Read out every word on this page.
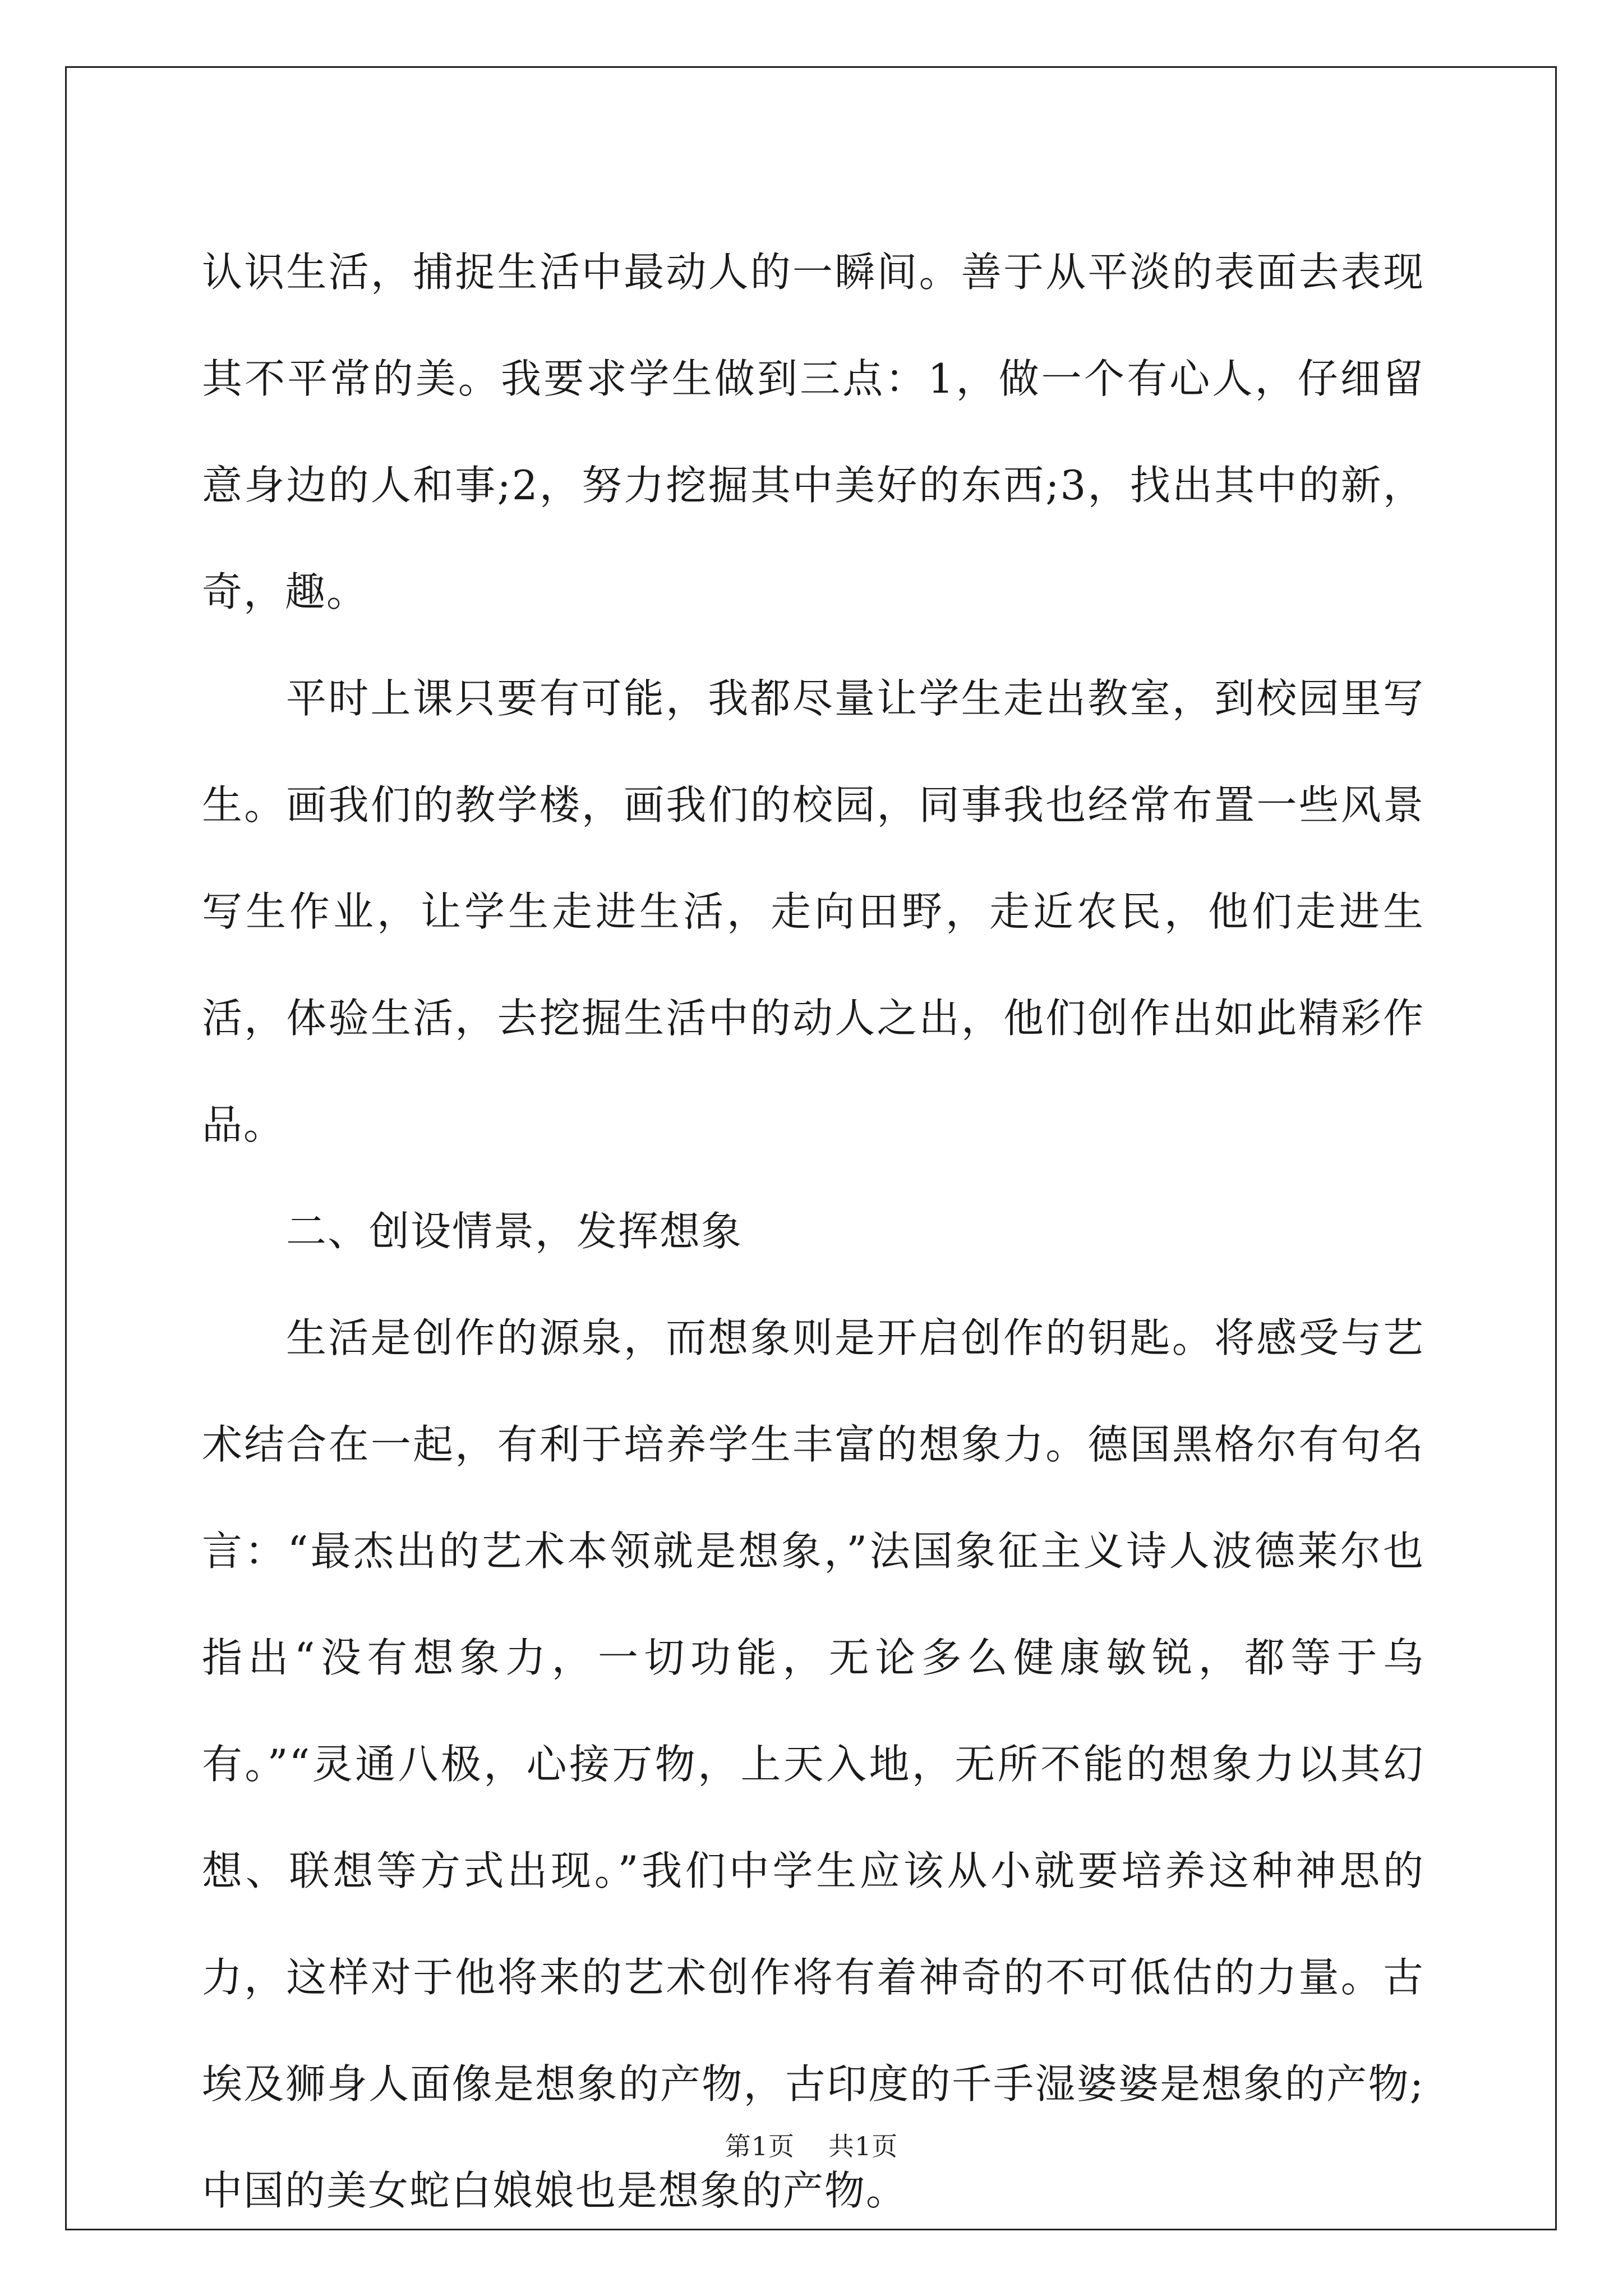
认识生活，捕捉生活中最动人的一瞬间。善于从平淡的表面去表现其不平常的美。我要求学生做到三点：1，做一个有心人，仔细留意身边的人和事;2，努力挖掘其中美好的东西;3，找出其中的新，奇，趣。

平时上课只要有可能，我都尽量让学生走出教室，到校园里写生。画我们的教学楼，画我们的校园，同事我也经常布置一些风景写生作业，让学生走进生活，走向田野，走近农民，他们走进生活，体验生活，去挖掘生活中的动人之出，他们创作出如此精彩作品。

二、创设情景，发挥想象

生活是创作的源泉，而想象则是开启创作的钥匙。将感受与艺术结合在一起，有利于培养学生丰富的想象力。德国黑格尔有句名言：“最杰出的艺术本领就是想象，”法国象征主义诗人波德莱尔也指出“没有想象力，一切功能，无论多么健康敏锐，都等于乌有。”“灵通八极，心接万物，上天入地，无所不能的想象力以其幻想、联想等方式出现。”我们中学生应该从小就要培养这种神思的力，这样对于他将来的艺术创作将有着神奇的不可低估的力量。古埃及狮身人面像是想象的产物，古印度的千手湿婆婆是想象的产物;中国的美女蛇白娘娘也是想象的产物。

第1页 共1页
